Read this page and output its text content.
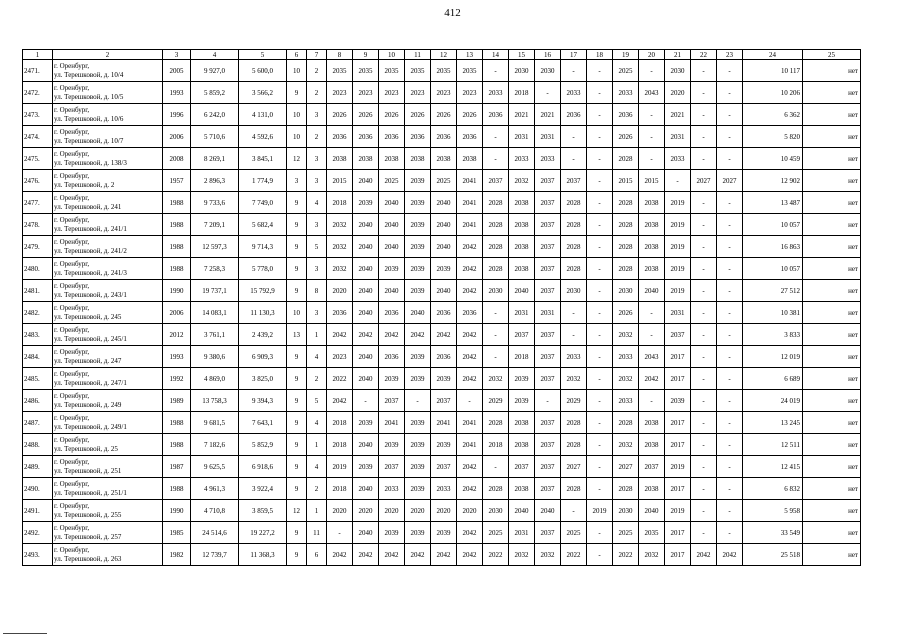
412
1	2	3	4	5	6	7	8	9	10	11	12	13	14	15	16	17	18	19	20	21	22	23	24	25
2471.	г. Оренбург,
ул. Терешковой, д. 10/4	2005	9 927,0	5 600,0	10	2	2035	2035	2035	2035	2035	2035	-	2030	2030	-	-	2025	-	2030	-	-	10 117	нет
2472.	г. Оренбург,
ул. Терешковой, д. 10/5	1993	5 859,2	3 566,2	9	2	2023	2023	2023	2023	2023	2023	2033	2018	-	2033	-	2033	2043	2020	-	-	10 206	нет
2473.	г. Оренбург,
ул. Терешковой, д. 10/6	1996	6 242,0	4 131,0	10	3	2026	2026	2026	2026	2026	2026	2036	2021	2021	2036	-	2036	-	2021	-	-	6 362	нет
2474.	г. Оренбург,
ул. Терешковой, д. 10/7	2006	5 710,6	4 592,6	10	2	2036	2036	2036	2036	2036	2036	-	2031	2031	-	-	2026	-	2031	-	-	5 820	нет
2475.	г. Оренбург,
ул. Терешковой, д. 138/3	2008	8 269,1	3 845,1	12	3	2038	2038	2038	2038	2038	2038	-	2033	2033	-	-	2028	-	2033	-	-	10 459	нет
2476.	г. Оренбург,
ул. Терешковой, д. 2	1957	2 896,3	1 774,9	3	3	2015	2040	2025	2039	2025	2041	2037	2032	2037	2037	-	2015	2015	-	2027	2027	12 902	нет
2477.	г. Оренбург,
ул. Терешковой, д. 241	1988	9 733,6	7 749,0	9	4	2018	2039	2040	2039	2040	2041	2028	2038	2037	2028	-	2028	2038	2019	-	-	13 487	нет
2478.	г. Оренбург,
ул. Терешковой, д. 241/1	1988	7 209,1	5 682,4	9	3	2032	2040	2040	2039	2040	2041	2028	2038	2037	2028	-	2028	2038	2019	-	-	10 057	нет
2479.	г. Оренбург,
ул. Терешковой, д. 241/2	1988	12 597,3	9 714,3	9	5	2032	2040	2040	2039	2040	2042	2028	2038	2037	2028	-	2028	2038	2019	-	-	16 863	нет
2480.	г. Оренбург,
ул. Терешковой, д. 241/3	1988	7 258,3	5 778,0	9	3	2032	2040	2039	2039	2039	2042	2028	2038	2037	2028	-	2028	2038	2019	-	-	10 057	нет
2481.	г. Оренбург,
ул. Терешковой, д. 243/1	1990	19 737,1	15 792,9	9	8	2020	2040	2040	2039	2040	2042	2030	2040	2037	2030	-	2030	2040	2019	-	-	27 512	нет
2482.	г. Оренбург,
ул. Терешковой, д. 245	2006	14 083,1	11 130,3	10	3	2036	2040	2036	2040	2036	2036	-	2031	2031	-	-	2026	-	2031	-	-	10 381	нет
2483.	г. Оренбург,
ул. Терешковой, д. 245/1	2012	3 761,1	2 439,2	13	1	2042	2042	2042	2042	2042	2042	-	2037	2037	-	-	2032	-	2037	-	-	3 833	нет
2484.	г. Оренбург,
ул. Терешковой, д. 247	1993	9 380,6	6 909,3	9	4	2023	2040	2036	2039	2036	2042	-	2018	2037	2033	-	2033	2043	2017	-	-	12 019	нет
2485.	г. Оренбург,
ул. Терешковой, д. 247/1	1992	4 869,0	3 825,0	9	2	2022	2040	2039	2039	2039	2042	2032	2039	2037	2032	-	2032	2042	2017	-	-	6 689	нет
2486.	г. Оренбург,
ул. Терешковой, д. 249	1989	13 758,3	9 394,3	9	5	2042	-	2037	-	2037	-	2029	2039	-	2029	-	2033	-	2039	-	-	24 019	нет
2487.	г. Оренбург,
ул. Терешковой, д. 249/1	1988	9 681,5	7 643,1	9	4	2018	2039	2041	2039	2041	2041	2028	2038	2037	2028	-	2028	2038	2017	-	-	13 245	нет
2488.	г. Оренбург,
ул. Терешковой, д. 25	1988	7 182,6	5 852,9	9	1	2018	2040	2039	2039	2039	2041	2018	2038	2037	2028	-	2032	2038	2017	-	-	12 511	нет
2489.	г. Оренбург,
ул. Терешковой, д. 251	1987	9 625,5	6 918,6	9	4	2019	2039	2037	2039	2037	2042	-	2037	2037	2027	-	2027	2037	2019	-	-	12 415	нет
2490.	г. Оренбург,
ул. Терешковой, д. 251/1	1988	4 961,3	3 922,4	9	2	2018	2040	2033	2039	2033	2042	2028	2038	2037	2028	-	2028	2038	2017	-	-	6 832	нет
2491.	г. Оренбург,
ул. Терешковой, д. 255	1990	4 710,8	3 859,5	12	1	2020	2020	2020	2020	2020	2020	2030	2040	2040	-	2019	2030	2040	2019	-	-	5 958	нет
2492.	г. Оренбург,
ул. Терешковой, д. 257	1985	24 514,6	19 227,2	9	11	-	2040	2039	2039	2039	2042	2025	2031	2037	2025	-	2025	2035	2017	-	-	33 549	нет
2493.	г. Оренбург,
ул. Терешковой, д. 263	1982	12 739,7	11 368,3	9	6	2042	2042	2042	2042	2042	2042	2022	2032	2032	2022	-	2022	2032	2017	2042	2042	25 518	нет
